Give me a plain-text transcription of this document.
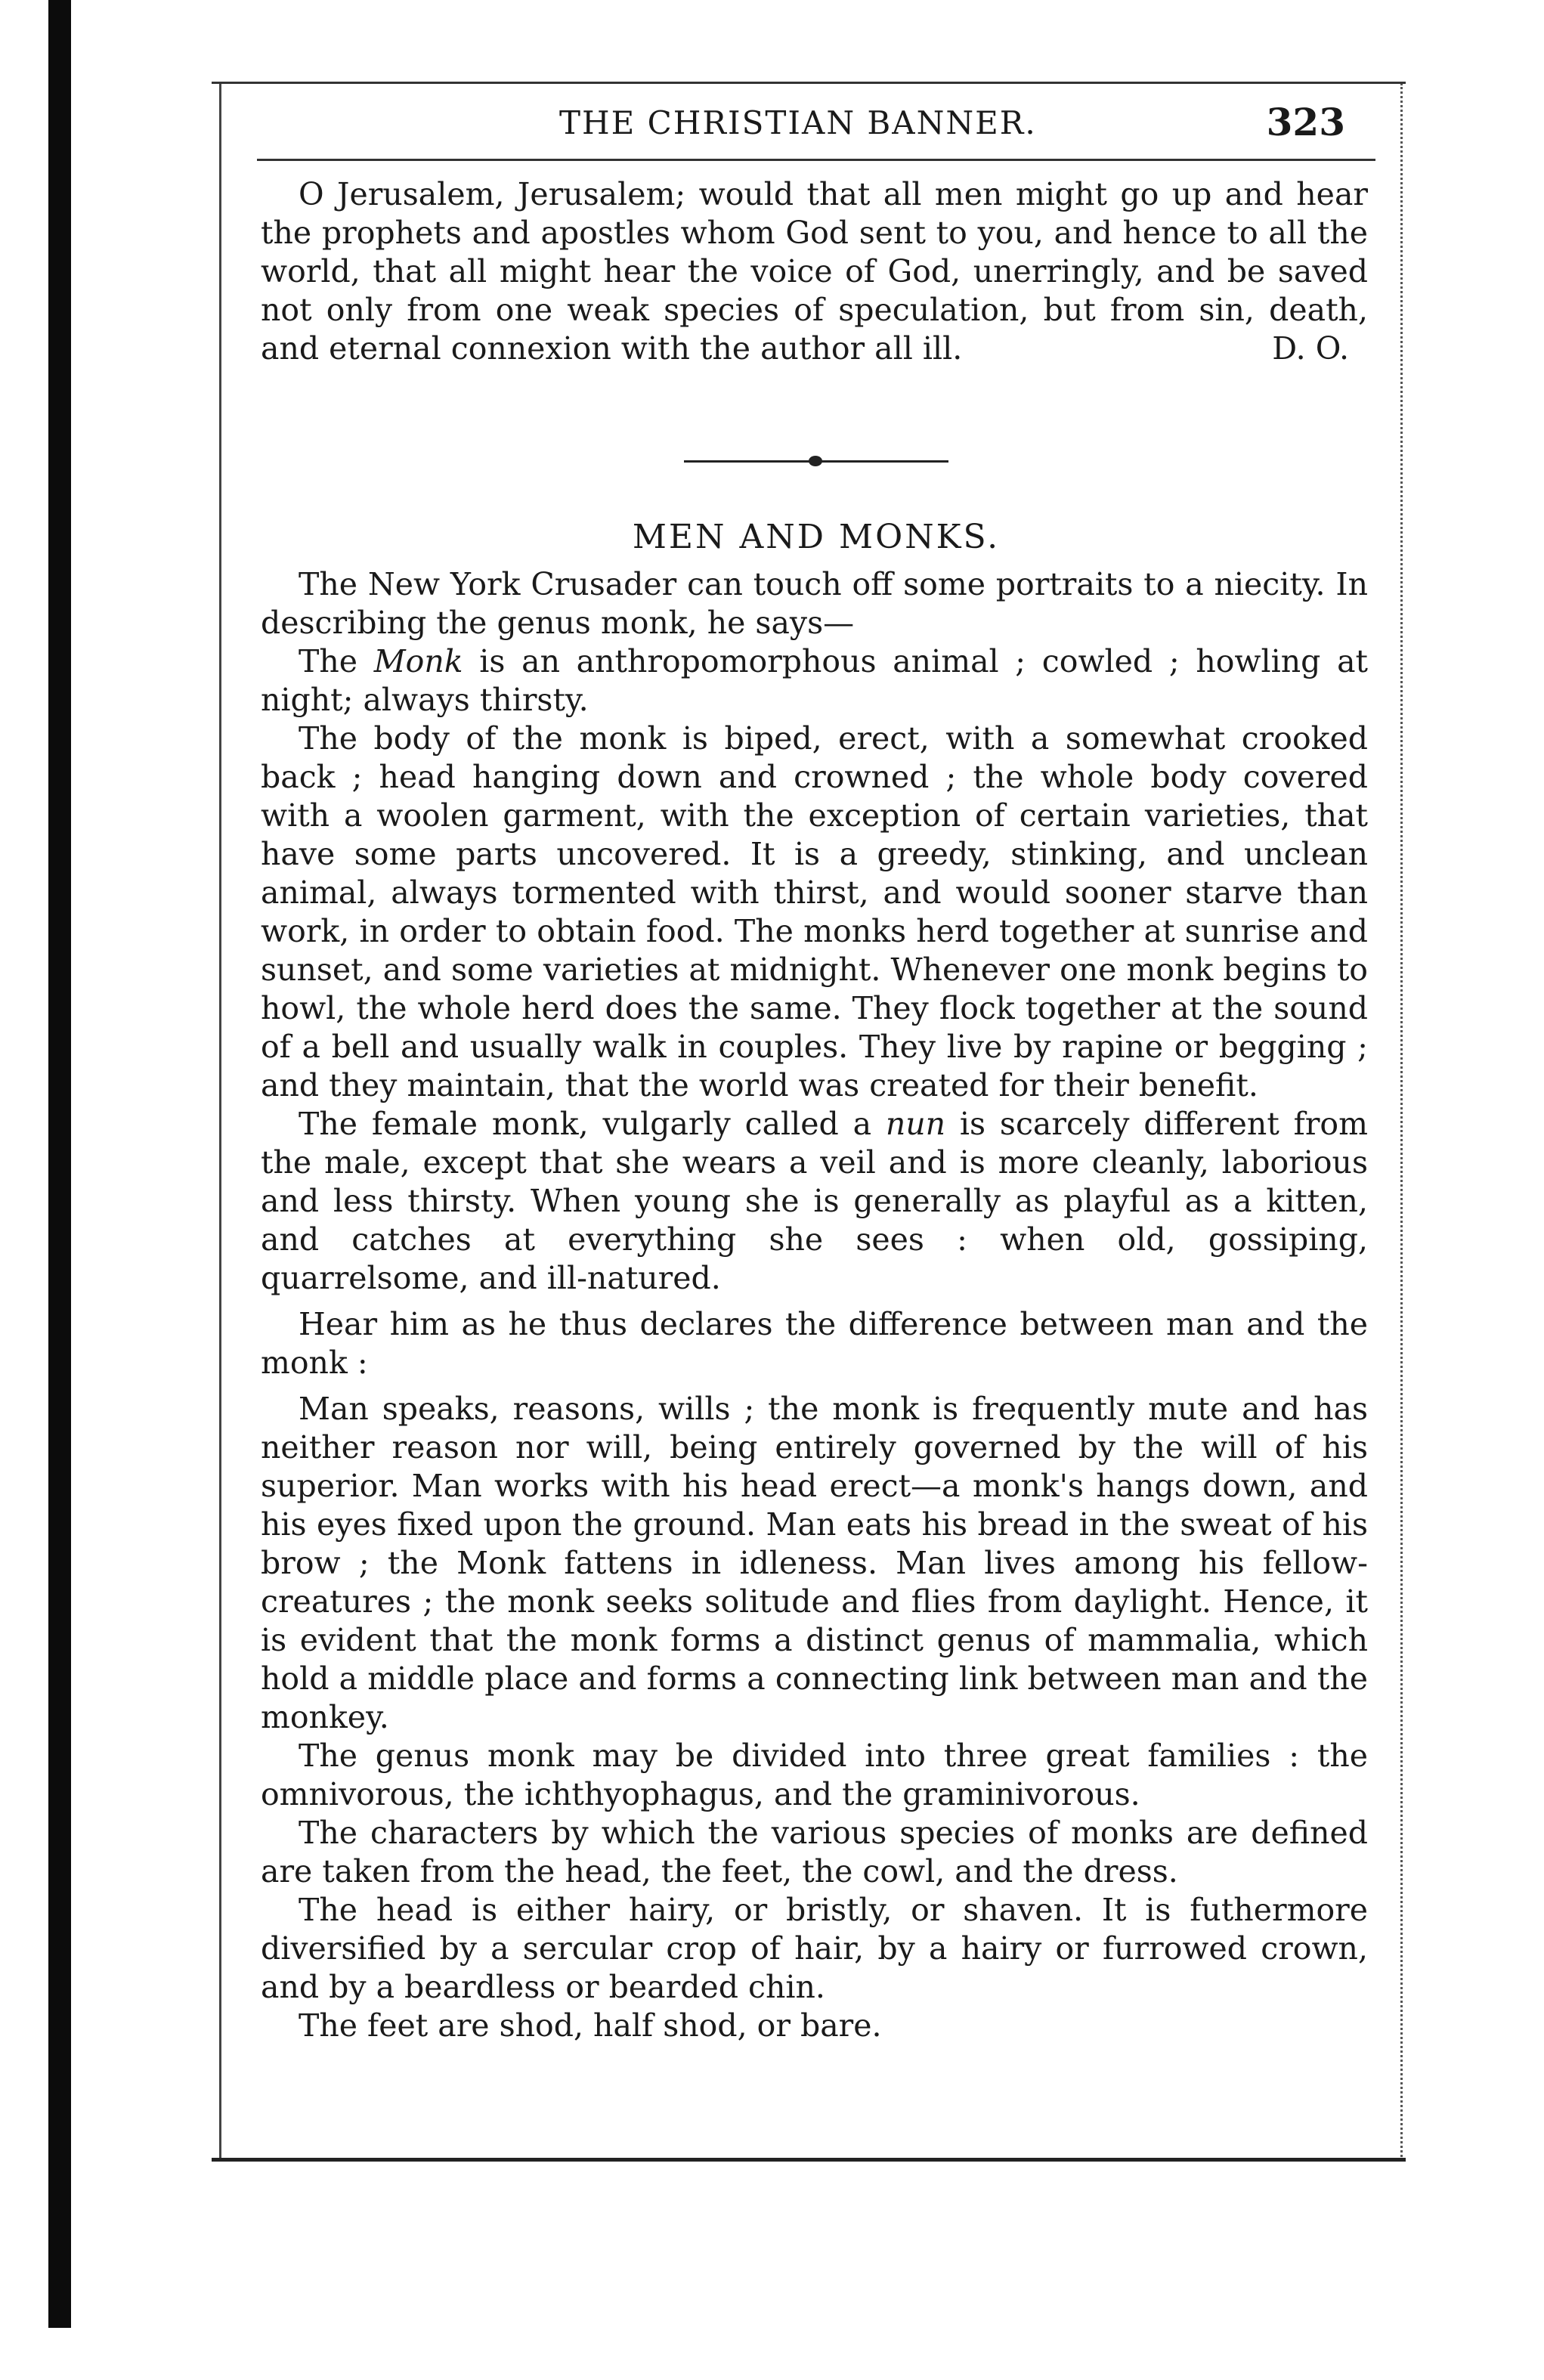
THE CHRISTIAN BANNER.	323

O Jerusalem, Jerusalem; would that all men might go up and hear the prophets and apostles whom God sent to you, and hence to all the world, that all might hear the voice of God, unerringly, and be saved not only from one weak species of speculation, but from sin, death, and eternal connexion with the author all ill.	D. O.

MEN AND MONKS.

The New York Crusader can touch off some portraits to a niecity. In describing the genus monk, he says—

The Monk is an anthropomorphous animal ; cowled ; howling at night; always thirsty.

The body of the monk is biped, erect, with a somewhat crooked back ; head hanging down and crowned ; the whole body covered with a woolen garment, with the exception of certain varieties, that have some parts uncovered. It is a greedy, stinking, and unclean animal, always tormented with thirst, and would sooner starve than work, in order to obtain food. The monks herd together at sunrise and sunset, and some varieties at midnight. Whenever one monk begins to howl, the whole herd does the same. They flock together at the sound of a bell and usually walk in couples. They live by rapine or begging ; and they maintain, that the world was created for their benefit.

The female monk, vulgarly called a nun is scarcely different from the male, except that she wears a veil and is more cleanly, laborious and less thirsty. When young she is generally as playful as a kitten, and catches at everything she sees : when old, gossiping, quarrelsome, and ill-natured.

Hear him as he thus declares the difference between man and the monk :

Man speaks, reasons, wills ; the monk is frequently mute and has neither reason nor will, being entirely governed by the will of his superior. Man works with his head erect—a monk's hangs down, and his eyes fixed upon the ground. Man eats his bread in the sweat of his brow ; the Monk fattens in idleness. Man lives among his fellow-creatures ; the monk seeks solitude and flies from daylight. Hence, it is evident that the monk forms a distinct genus of mammalia, which hold a middle place and forms a connecting link between man and the monkey.

The genus monk may be divided into three great families : the omnivorous, the ichthyophagus, and the graminivorous.

The characters by which the various species of monks are defined are taken from the head, the feet, the cowl, and the dress.

The head is either hairy, or bristly, or shaven. It is futhermore diversified by a sercular crop of hair, by a hairy or furrowed crown, and by a beardless or bearded chin.

The feet are shod, half shod, or bare.
